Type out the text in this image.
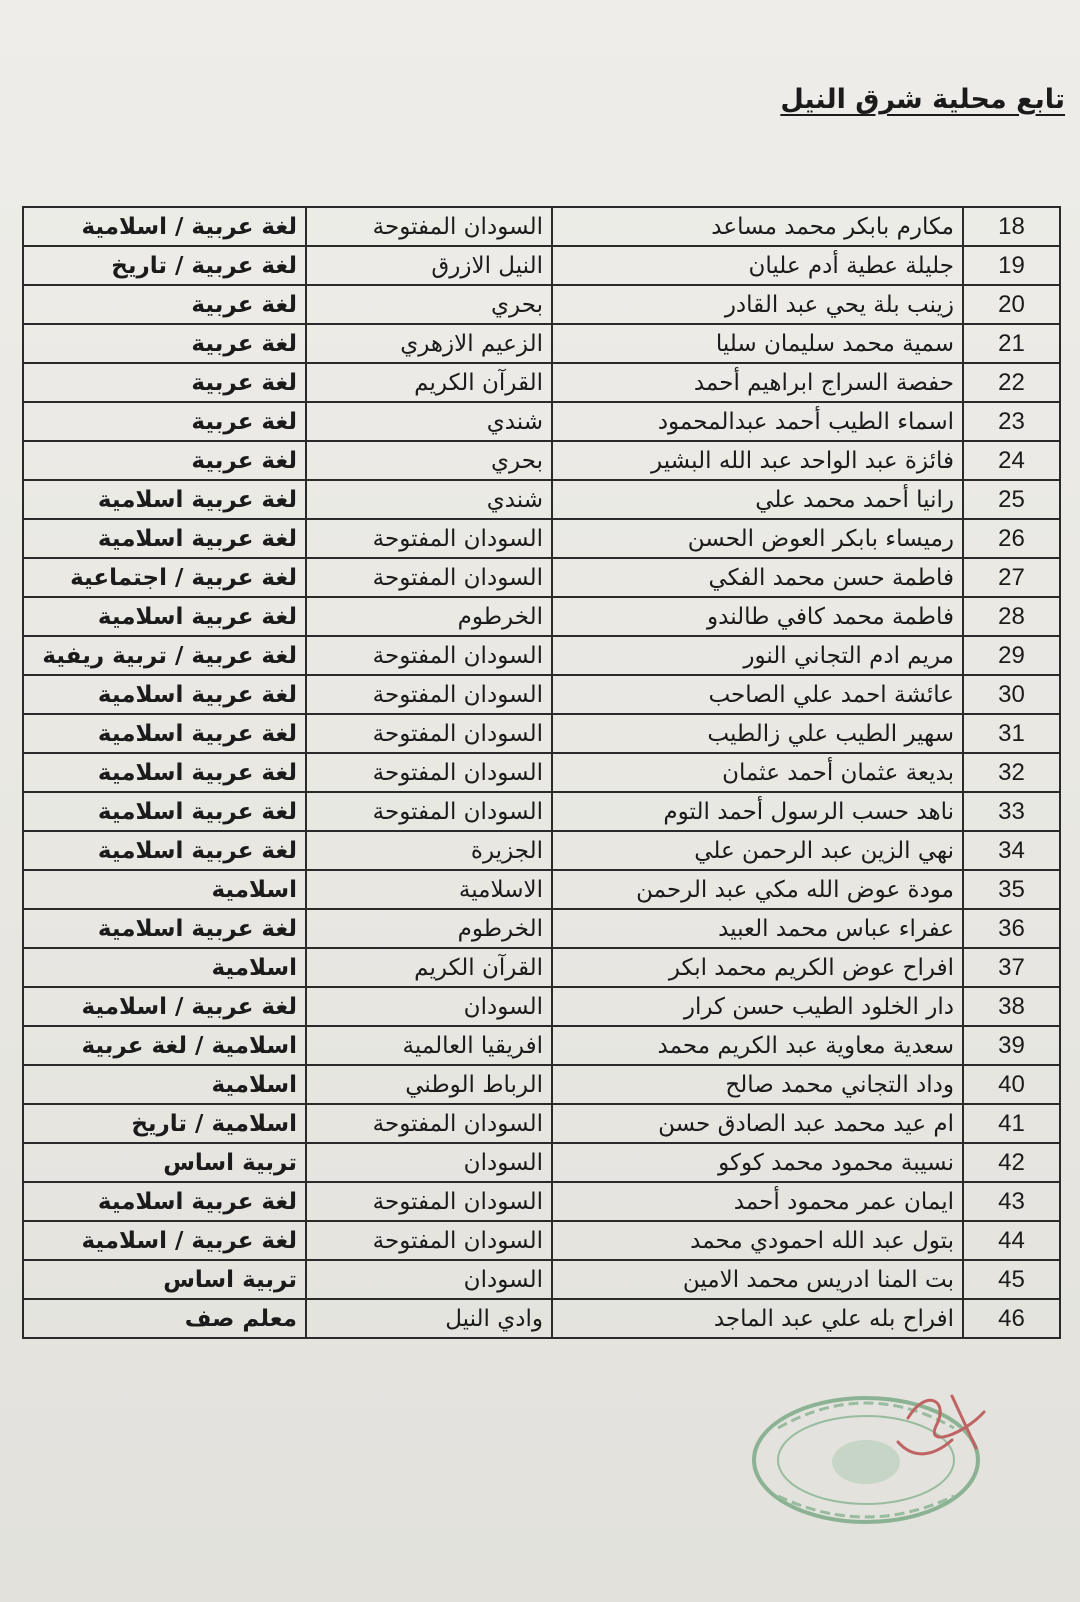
تابع محلية شرق النيل
18	مكارم بابكر محمد مساعد	السودان المفتوحة	لغة عربية / اسلامية
19	جليلة عطية أدم عليان	النيل الازرق	لغة عربية / تاريخ
20	زينب بلة يحي عبد القادر	بحري	لغة عربية
21	سمية محمد سليمان سليا	الزعيم الازهري	لغة عربية
22	حفصة السراج ابراهيم أحمد	القرآن الكريم	لغة عربية
23	اسماء الطيب أحمد عبدالمحمود	شندي	لغة عربية
24	فائزة عبد الواحد عبد الله البشير	بحري	لغة عربية
25	رانيا أحمد محمد علي	شندي	لغة عربية اسلامية
26	رميساء بابكر العوض الحسن	السودان المفتوحة	لغة عربية اسلامية
27	فاطمة حسن محمد الفكي	السودان المفتوحة	لغة عربية / اجتماعية
28	فاطمة محمد كافي طالندو	الخرطوم	لغة عربية اسلامية
29	مريم ادم التجاني النور	السودان المفتوحة	لغة عربية / تربية ريفية
30	عائشة احمد علي الصاحب	السودان المفتوحة	لغة عربية اسلامية
31	سهير الطيب علي زالطيب	السودان المفتوحة	لغة عربية اسلامية
32	بديعة عثمان أحمد عثمان	السودان المفتوحة	لغة عربية اسلامية
33	ناهد حسب الرسول أحمد التوم	السودان المفتوحة	لغة عربية اسلامية
34	نهي الزين عبد الرحمن علي	الجزيرة	لغة عربية اسلامية
35	مودة عوض الله مكي عبد الرحمن	الاسلامية	اسلامية
36	عفراء عباس محمد العبيد	الخرطوم	لغة عربية اسلامية
37	افراح عوض الكريم محمد ابكر	القرآن الكريم	اسلامية
38	دار الخلود الطيب حسن كرار	السودان	لغة عربية / اسلامية
39	سعدية معاوية عبد الكريم محمد	افريقيا العالمية	اسلامية / لغة عربية
40	وداد التجاني محمد صالح	الرباط الوطني	اسلامية
41	ام عيد محمد عبد الصادق حسن	السودان المفتوحة	اسلامية / تاريخ
42	نسيبة محمود محمد كوكو	السودان	تربية اساس
43	ايمان عمر محمود أحمد	السودان المفتوحة	لغة عربية اسلامية
44	بتول عبد الله احمودي محمد	السودان المفتوحة	لغة عربية / اسلامية
45	بت المنا ادريس محمد الامين	السودان	تربية اساس
46	افراح بله علي عبد الماجد	وادي النيل	معلم صف
